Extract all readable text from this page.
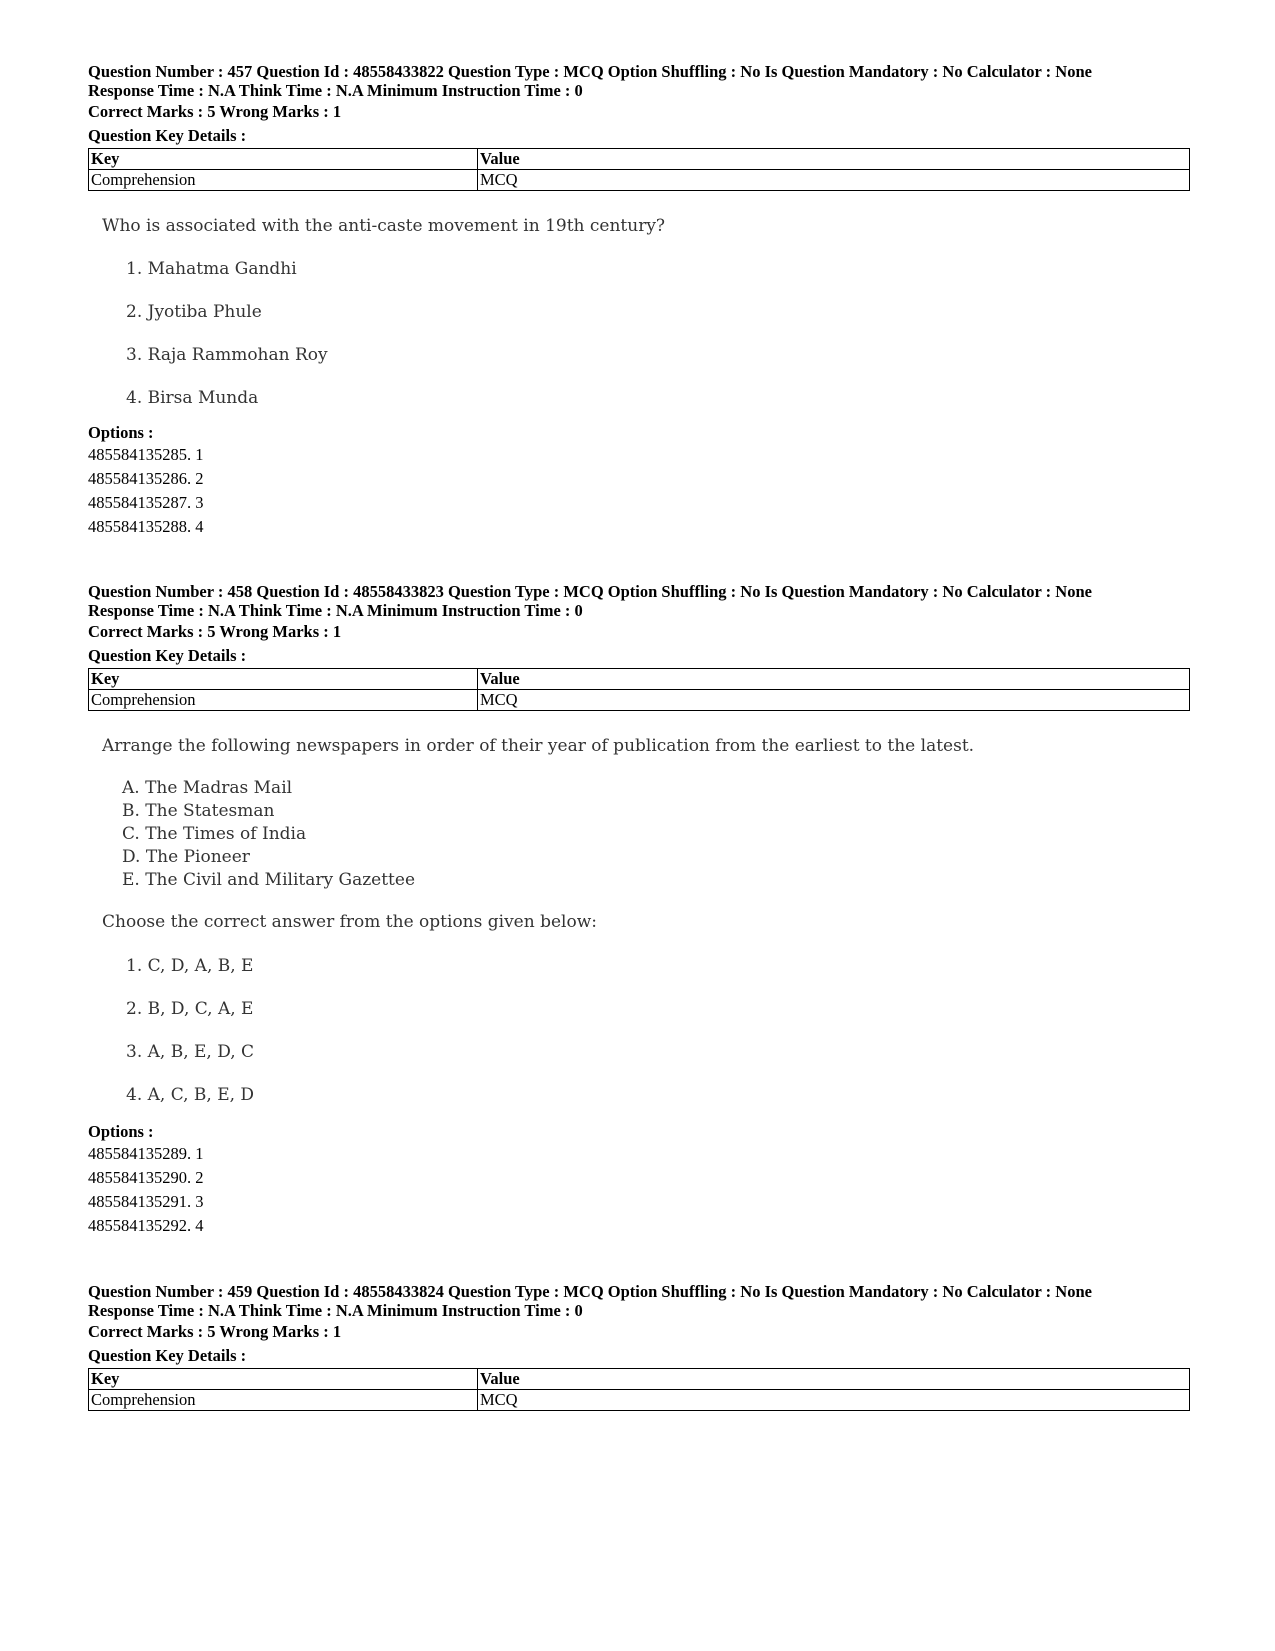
Question Number : 457 Question Id : 48558433822 Question Type : MCQ Option Shuffling : No Is Question Mandatory : No Calculator : None

Response Time : N.A Think Time : N.A Minimum Instruction Time : 0

Correct Marks : 5 Wrong Marks : 1

Question Key Details :

Key	Value
Comprehension	MCQ
Who is associated with the anti-caste movement in 19th century?
1. Mahatma Gandhi
2. Jyotiba Phule
3. Raja Rammohan Roy
4. Birsa Munda

Options :

485584135285. 1

485584135286. 2

485584135287. 3

485584135288. 4

Question Number : 458 Question Id : 48558433823 Question Type : MCQ Option Shuffling : No Is Question Mandatory : No Calculator : None

Response Time : N.A Think Time : N.A Minimum Instruction Time : 0

Correct Marks : 5 Wrong Marks : 1

Question Key Details :

Key	Value
Comprehension	MCQ
Arrange the following newspapers in order of their year of publication from the earliest to the latest.
A. The Madras Mail
B. The Statesman
C. The Times of India
D. The Pioneer
E. The Civil and Military Gazettee
Choose the correct answer from the options given below:
1. C, D, A, B, E
2. B, D, C, A, E
3. A, B, E, D, C
4. A, C, B, E, D

Options :

485584135289. 1

485584135290. 2

485584135291. 3

485584135292. 4

Question Number : 459 Question Id : 48558433824 Question Type : MCQ Option Shuffling : No Is Question Mandatory : No Calculator : None

Response Time : N.A Think Time : N.A Minimum Instruction Time : 0

Correct Marks : 5 Wrong Marks : 1

Question Key Details :

Key	Value
Comprehension	MCQ
